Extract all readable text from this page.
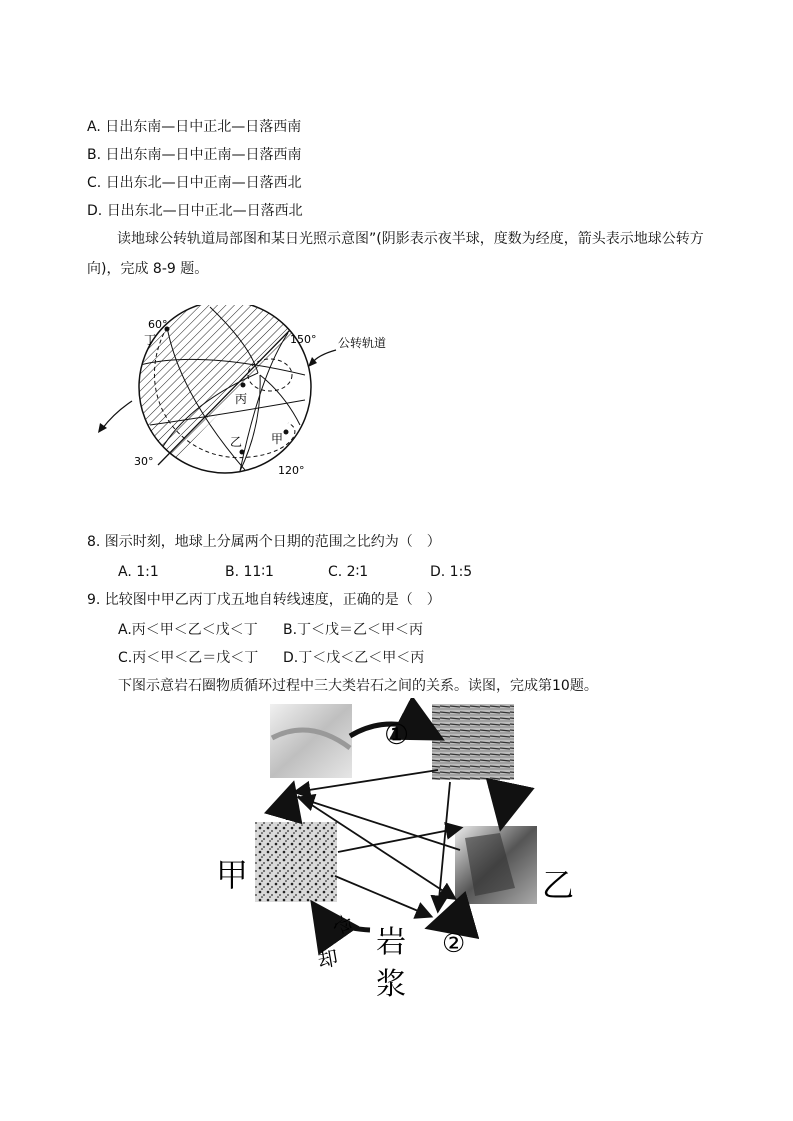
A. 日出东南—日中正北—日落西南
B. 日出东南—日中正南—日落西南
C. 日出东北—日中正南—日落西北
D. 日出东北—日中正北—日落西北
读地球公转轨道局部图和某日光照示意图”(阴影表示夜半球，度数为经度，箭头表示地球公转方向)，完成 8-9 题。
60°
丁	150°
丙
乙 甲
30°
120°
公转轨道
8. 图示时刻，地球上分属两个日期的范围之比约为（　）
A. 1:1	B. 11∶1	C. 2∶1	D. 1:5
9. 比较图中甲乙丙丁戊五地自转线速度，正确的是（　）
A.丙＜甲＜乙＜戊＜丁 B.丁＜戊＝乙＜甲＜丙
C.丙＜甲＜乙＝戊＜丁 D.丁＜戊＜乙＜甲＜丙
下图示意岩石圈物质循环过程中三大类岩石之间的关系。读图，完成第10题。
①
②
甲	乙
岩
浆
冷
却
